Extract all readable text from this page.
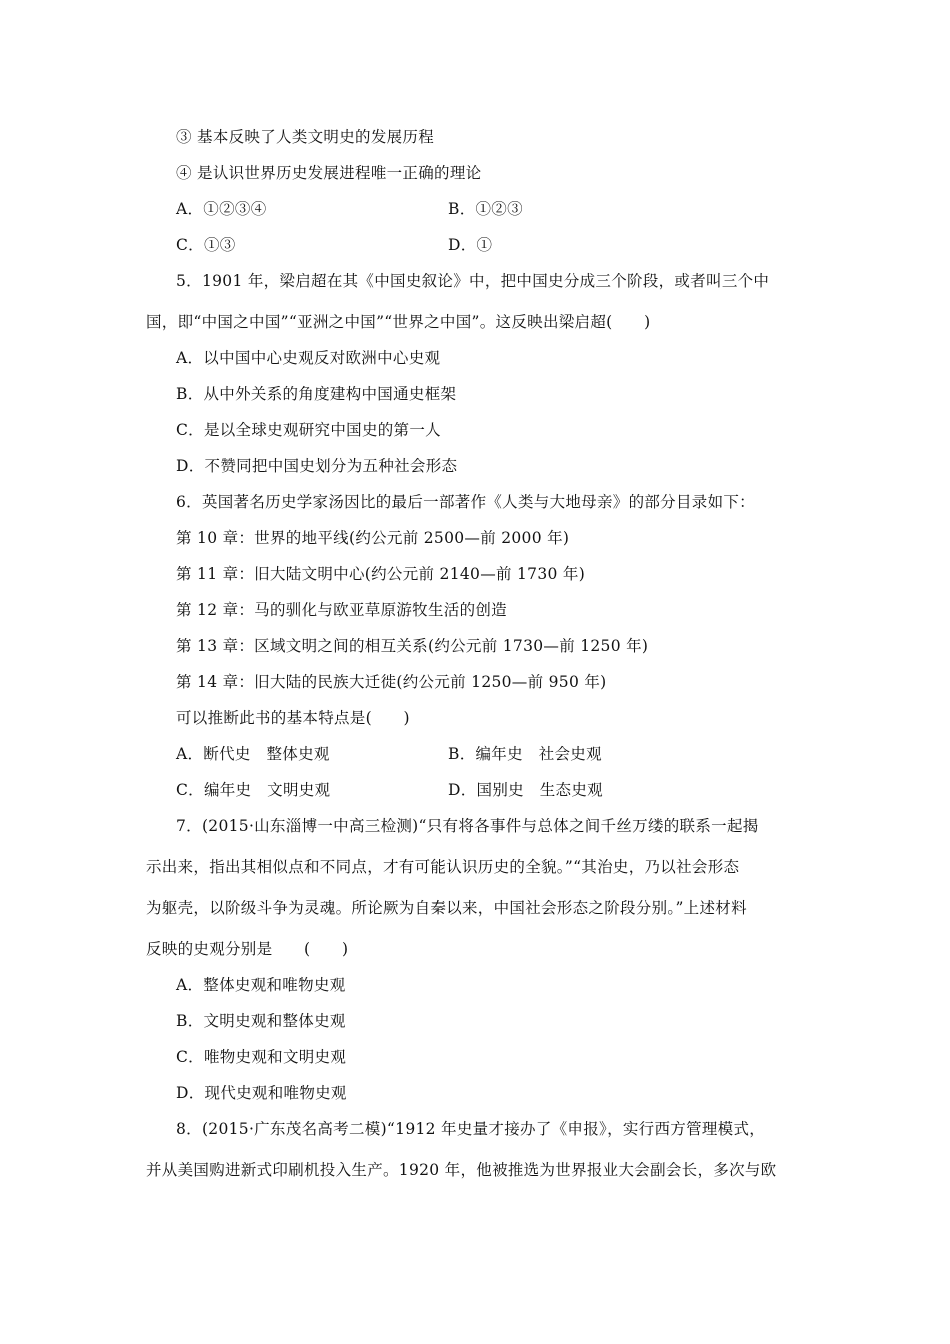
③ 基本反映了人类文明史的发展历程
④ 是认识世界历史发展进程唯一正确的理论
A．①②③④	B．①②③
C．①③	D．①
5．1901 年，梁启超在其《中国史叙论》中，把中国史分成三个阶段，或者叫三个中
国，即“中国之中国”“亚洲之中国”“世界之中国”。这反映出梁启超(　　)
A．以中国中心史观反对欧洲中心史观
B．从中外关系的角度建构中国通史框架
C．是以全球史观研究中国史的第一人
D．不赞同把中国史划分为五种社会形态
6．英国著名历史学家汤因比的最后一部著作《人类与大地母亲》的部分目录如下：
第 10 章：世界的地平线(约公元前 2500—前 2000 年)
第 11 章：旧大陆文明中心(约公元前 2140—前 1730 年)
第 12 章：马的驯化与欧亚草原游牧生活的创造
第 13 章：区域文明之间的相互关系(约公元前 1730—前 1250 年)
第 14 章：旧大陆的民族大迁徙(约公元前 1250—前 950 年)
可以推断此书的基本特点是(　　)
A．断代史　整体史观	B．编年史　社会史观
C．编年史　文明史观	D．国别史　生态史观
7．(2015·山东淄博一中高三检测)“只有将各事件与总体之间千丝万缕的联系一起揭
示出来，指出其相似点和不同点，才有可能认识历史的全貌。”“其治史，乃以社会形态
为躯壳，以阶级斗争为灵魂。所论厥为自秦以来，中国社会形态之阶段分别。”上述材料
反映的史观分别是　　(　　)
A．整体史观和唯物史观
B．文明史观和整体史观
C．唯物史观和文明史观
D．现代史观和唯物史观
8．(2015·广东茂名高考二模)“1912 年史量才接办了《申报》，实行西方管理模式，
并从美国购进新式印刷机投入生产。1920 年，他被推选为世界报业大会副会长，多次与欧
